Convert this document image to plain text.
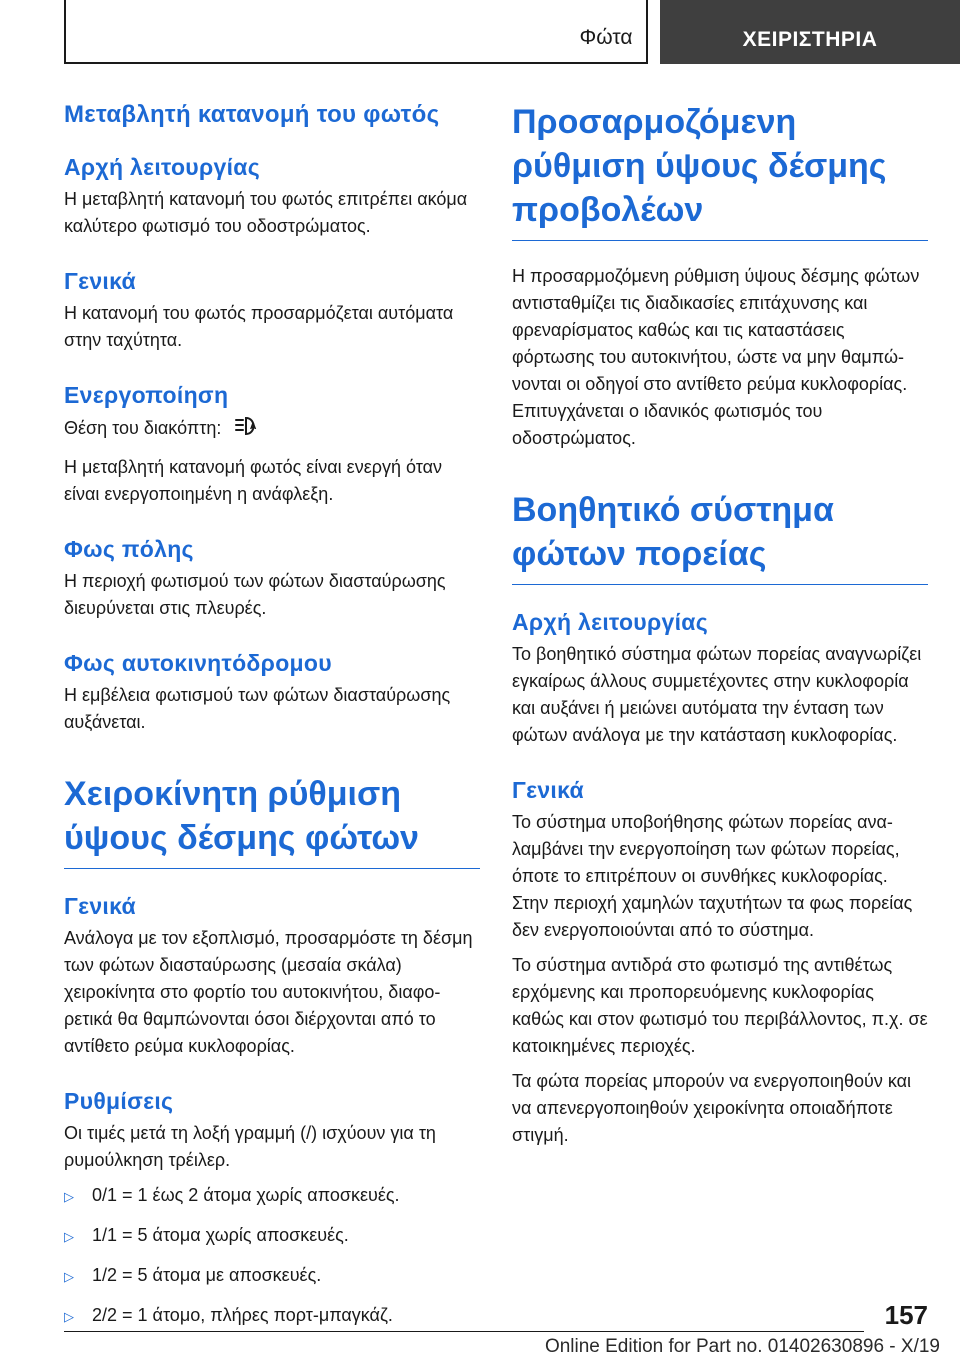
Φώτα	ΧΕΙΡΙΣΤΗΡΙΑ
Μεταβλητή κατανομή του φωτός
Αρχή λειτουργίας

Η μεταβλητή κατανομή του φωτός επιτρέπει ακόμα καλύτερο φωτισμό του οδοστρώματος.

Γενικά

Η κατανομή του φωτός προσαρμόζεται αυτόματα στην ταχύτητα.

Ενεργοποίηση

Θέση του διακόπτη:	A

Η μεταβλητή κατανομή φωτός είναι ενεργή όταν είναι ενεργοποιημένη η ανάφλεξη.

Φως πόλης

Η περιοχή φωτισμού των φώτων διασταύρωσης διευρύνεται στις πλευρές.

Φως αυτοκινητόδρομου

Η εμβέλεια φωτισμού των φώτων διασταύρωσης αυξάνεται.

Χειροκίνητη ρύθμιση ύψους δέσμης φώτων
Γενικά

Ανάλογα με τον εξοπλισμό, προσαρμόστε τη δέσμη των φώτων διασταύρωσης (μεσαία σκάλα) χειροκίνητα στο φορτίο του αυτοκινήτου, διαφορετικά θα θαμπώνονται όσοι διέρχονται από το αντίθετο ρεύμα κυκλοφορίας.

Ρυθμίσεις

Οι τιμές μετά τη λοξή γραμμή (/) ισχύουν για τη ρυμούλκηση τρέιλερ.

▷	0/1 = 1 έως 2 άτομα χωρίς αποσκευές.
▷	1/1 = 5 άτομα χωρίς αποσκευές.
▷	1/2 = 5 άτομα με αποσκευές.
▷	2/2 = 1 άτομο, πλήρες πορτ-μπαγκάζ.
Προσαρμοζόμενη ρύθμιση ύψους δέσμης προβολέων

Η προσαρμοζόμενη ρύθμιση ύψους δέσμης φώτων αντισταθμίζει τις διαδικασίες επιτάχυνσης και φρεναρίσματος καθώς και τις καταστάσεις φόρτωσης του αυτοκινήτου, ώστε να μην θαμπώνονται οι οδηγοί στο αντίθετο ρεύμα κυκλοφορίας. Επιτυγχάνεται ο ιδανικός φωτισμός του οδοστρώματος.

Βοηθητικό σύστημα φώτων πορείας
Αρχή λειτουργίας

Το βοηθητικό σύστημα φώτων πορείας αναγνωρίζει εγκαίρως άλλους συμμετέχοντες στην κυκλοφορία και αυξάνει ή μειώνει αυτόματα την ένταση των φώτων ανάλογα με την κατάσταση κυκλοφορίας.

Γενικά

Το σύστημα υποβοήθησης φώτων πορείας αναλαμβάνει την ενεργοποίηση των φώτων πορείας, όποτε το επιτρέπουν οι συνθήκες κυκλοφορίας. Στην περιοχή χαμηλών ταχυτήτων τα φως πορείας δεν ενεργοποιούνται από το σύστημα.

Το σύστημα αντιδρά στο φωτισμό της αντιθέτως ερχόμενης και προπορευόμενης κυκλοφορίας καθώς και στον φωτισμό του περιβάλλοντος, π.χ. σε κατοικημένες περιοχές.

Τα φώτα πορείας μπορούν να ενεργοποιηθούν και να απενεργοποιηθούν χειροκίνητα οποιαδήποτε στιγμή.

157
Online Edition for Part no. 01402630896 - X/19
